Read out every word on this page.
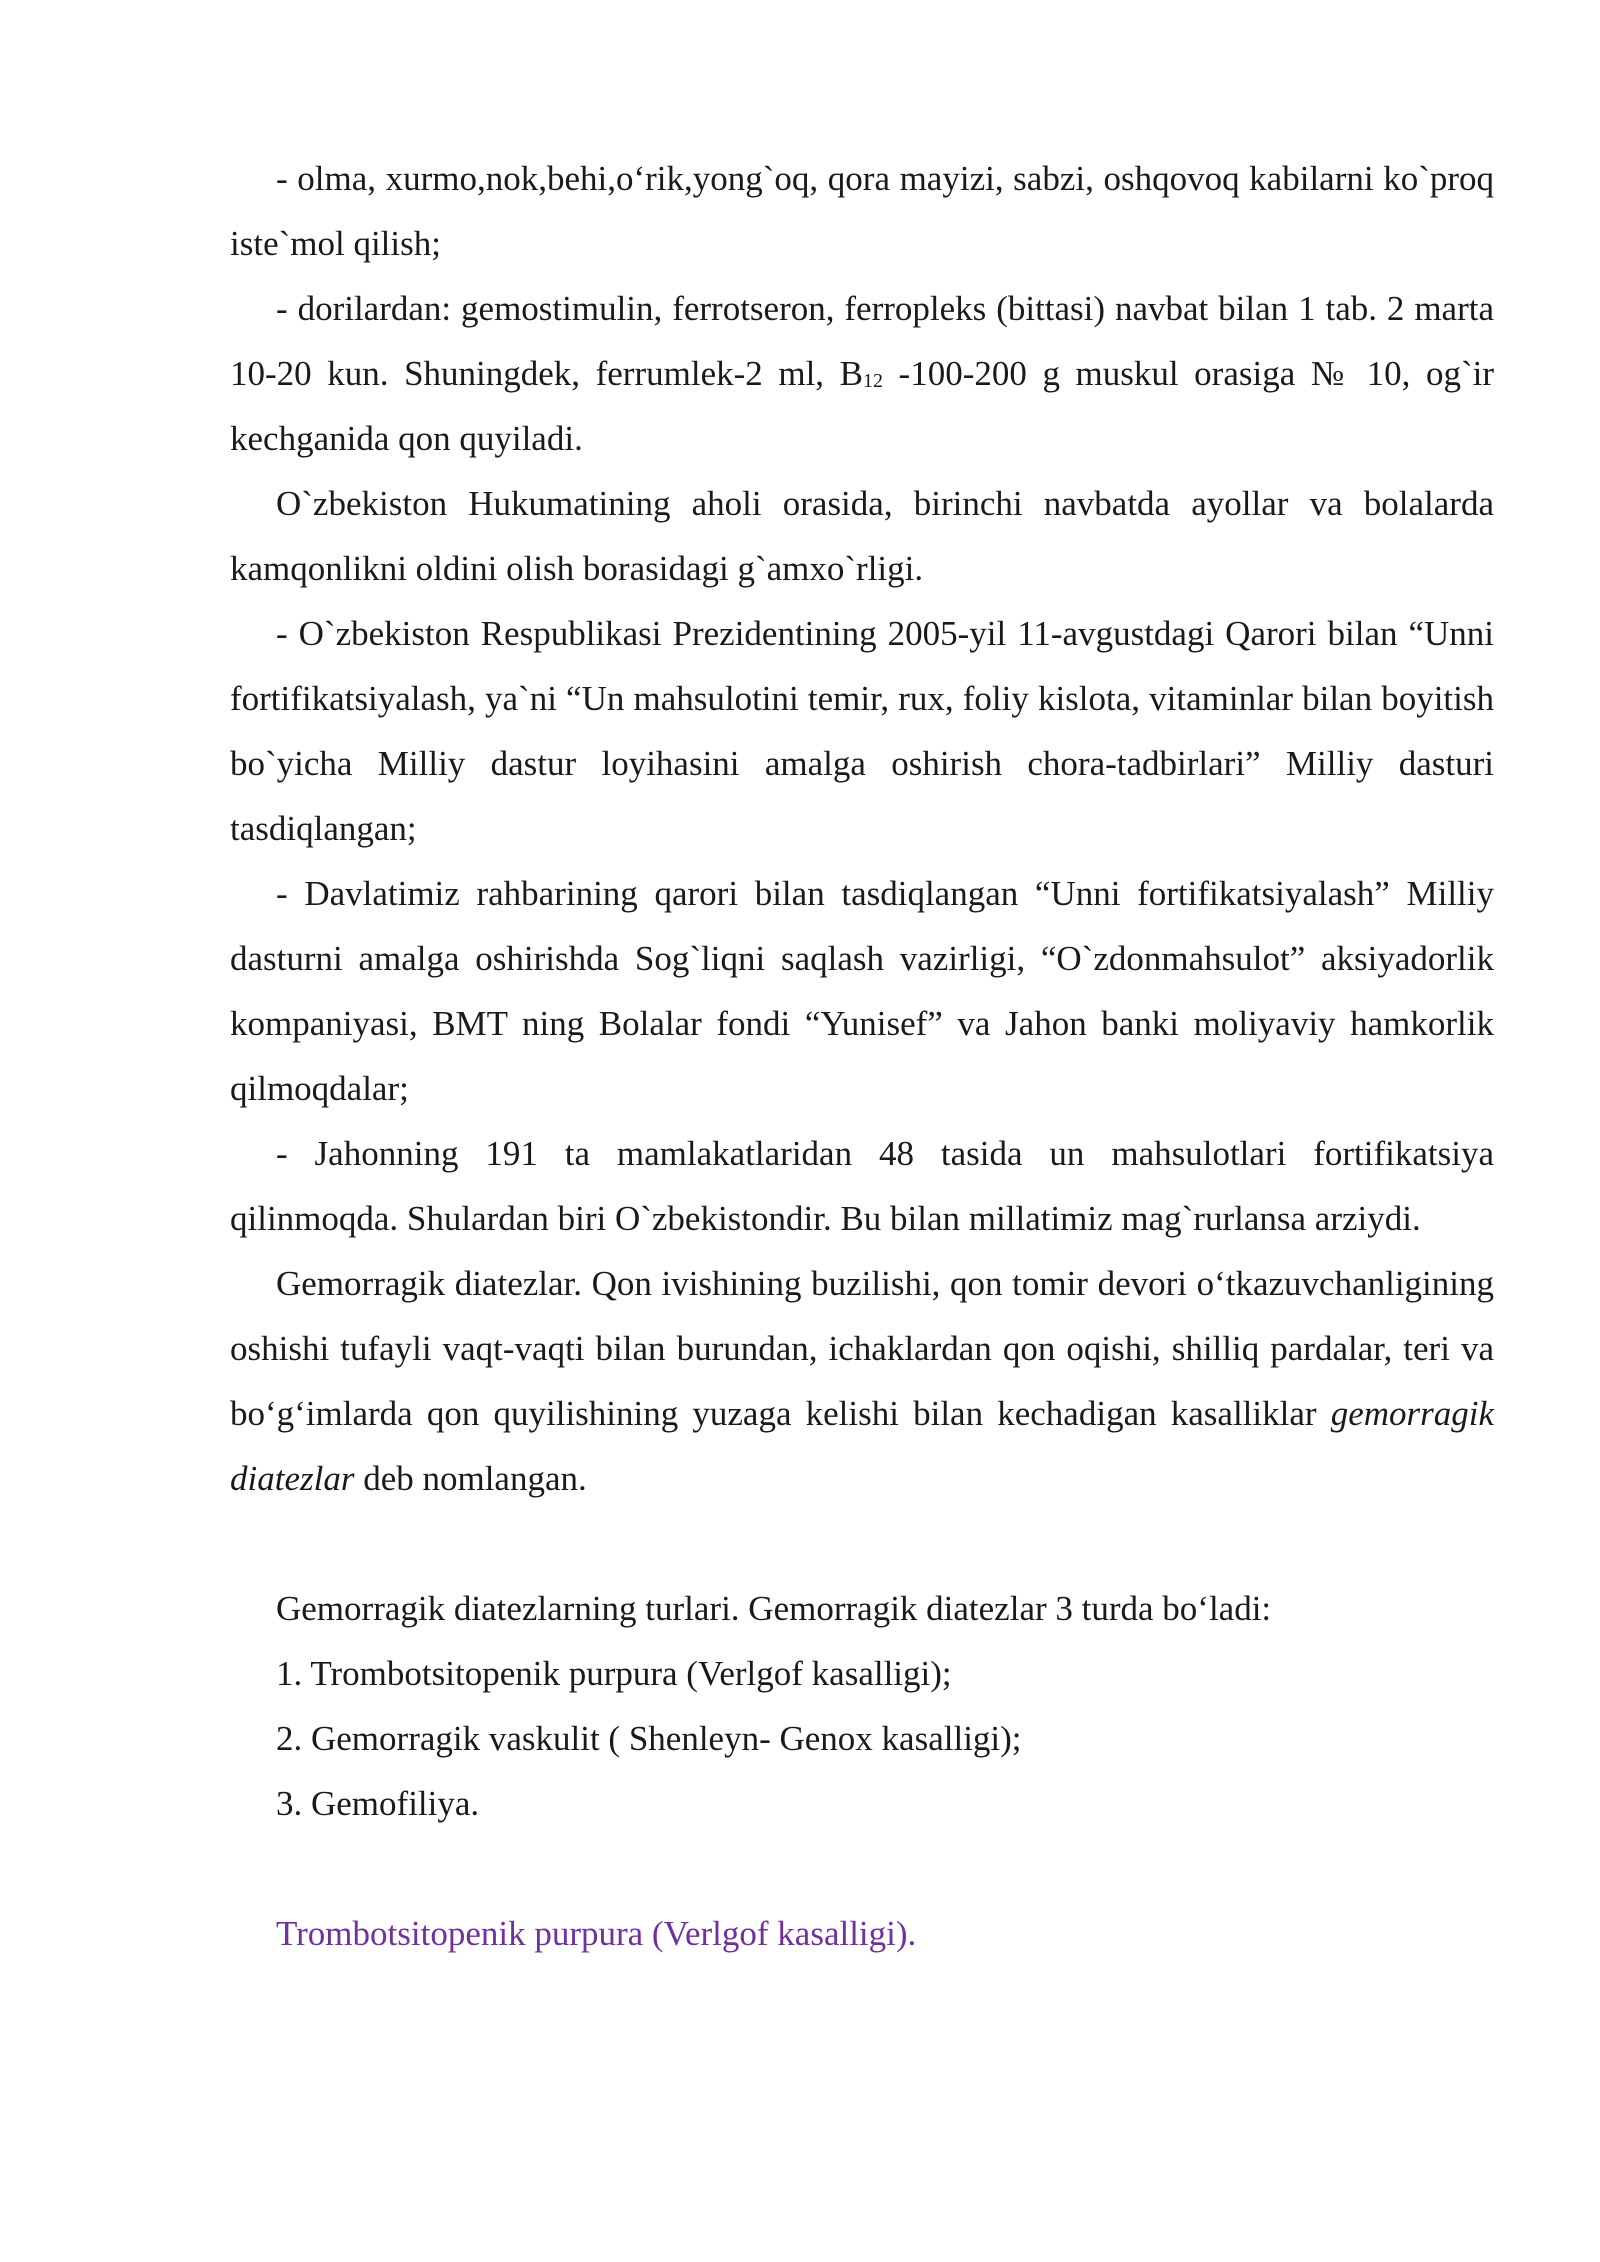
- olma, xurmo,nok,behi,o‘rik,yong`oq, qora mayizi, sabzi, oshqovoq kabilarni ko`proq iste`mol qilish;

- dorilardan: gemostimulin, ferrotseron, ferropleks (bittasi) navbat bilan 1 tab. 2 marta 10-20 kun. Shuningdek, ferrumlek-2 ml, $B_{12}$ -100-200 g muskul orasiga № 10, og`ir kechganida qon quyiladi.

O`zbekiston Hukumatining aholi orasida, birinchi navbatda ayollar va bolalarda kamqonlikni oldini olish borasidagi g`amxo`rligi.

- O`zbekiston Respublikasi Prezidentining 2005-yil 11-avgustdagi Qarori bilan “Unni fortifikatsiyalash, ya`ni “Un mahsulotini temir, rux, foliy kislota, vitaminlar bilan boyitish bo`yicha Milliy dastur loyihasini amalga oshirish chora-tadbirlari” Milliy dasturi tasdiqlangan;

- Davlatimiz rahbarining qarori bilan tasdiqlangan “Unni fortifikatsiyalash” Milliy dasturni amalga oshirishda Sog`liqni saqlash vazirligi, “O`zdonmahsulot” aksiyadorlik kompaniyasi, BMT ning Bolalar fondi “Yunisef” va Jahon banki moliyaviy hamkorlik qilmoqdalar;

- Jahonning 191 ta mamlakatlaridan 48 tasida un mahsulotlari fortifikatsiya qilinmoqda. Shulardan biri O`zbekistondir. Bu bilan millatimiz mag`rurlansa arziydi.

Gemorragik diatezlar. Qon ivishining buzilishi, qon tomir devori o‘tkazuvchanligining oshishi tufayli vaqt-vaqti bilan burundan, ichaklardan qon oqishi, shilliq pardalar, teri va bo‘g‘imlarda qon quyilishining yuzaga kelishi bilan kechadigan kasalliklar gemorragik diatezlar deb nomlangan.

Gemorragik diatezlarning turlari. Gemorragik diatezlar 3 turda bo‘ladi:

1. Trombotsitopenik purpura (Verlgof kasalligi);

2. Gemorragik vaskulit ( Shenleyn- Genox kasalligi);

3. Gemofiliya.

Trombotsitopenik purpura (Verlgof kasalligi).
